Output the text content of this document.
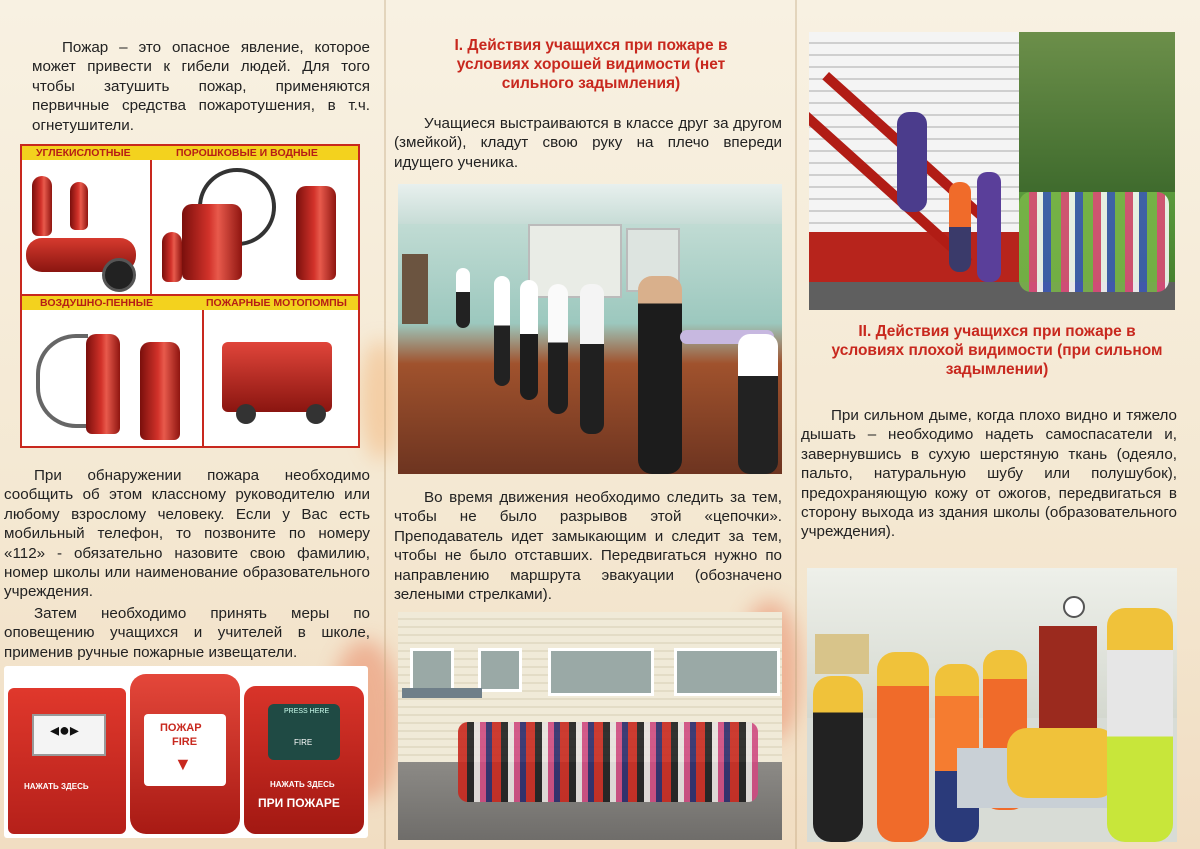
Пожар – это опасное явление, которое может привести к гибели людей. Для того чтобы затушить пожар, применяются первичные средства пожаротушения, в т.ч. огнетушители.

УГЛЕКИСЛОТНЫЕ	ПОРОШКОВЫЕ И ВОДНЫЕ
ВОЗДУШНО-ПЕННЫЕ	ПОЖАРНЫЕ МОТОПОМПЫ

При обнаружении пожара необходимо сообщить об этом классному руководителю или любому взрослому человеку. Если у Вас есть мобильный телефон, то позвоните по номеру «112» - обязательно назовите свою фамилию, номер школы или наименование образовательного учреждения.

Затем необходимо принять меры по оповещению учащихся и учителей в школе, применив ручные пожарные извещатели.

◂●▸
НАЖАТЬ ЗДЕСЬ
ПОЖАР
FIRE
▼
PRESS HERE
FIRE
НАЖАТЬ ЗДЕСЬ
ПРИ ПОЖАРЕ

I. Действия учащихся при пожаре в условиях хорошей видимости (нет сильного задымления)

Учащиеся выстраиваются в классе друг за другом (змейкой), кладут свою руку на плечо впереди идущего ученика.

Во время движения необходимо следить за тем, чтобы не было разрывов этой «цепочки». Преподаватель идет замыкающим и следит за тем, чтобы не было отставших. Передвигаться нужно по направлению маршрута эвакуации (обозначено зелеными стрелками).

II. Действия учащихся при пожаре в условиях плохой видимости (при сильном задымлении)

При сильном дыме, когда плохо видно и тяжело дышать – необходимо надеть самоспасатели и, завернувшись в сухую шерстяную ткань (одеяло, пальто, натуральную шубу или полушубок), предохраняющую кожу от ожогов, передвигаться в сторону выхода из здания школы (образовательного учреждения).
